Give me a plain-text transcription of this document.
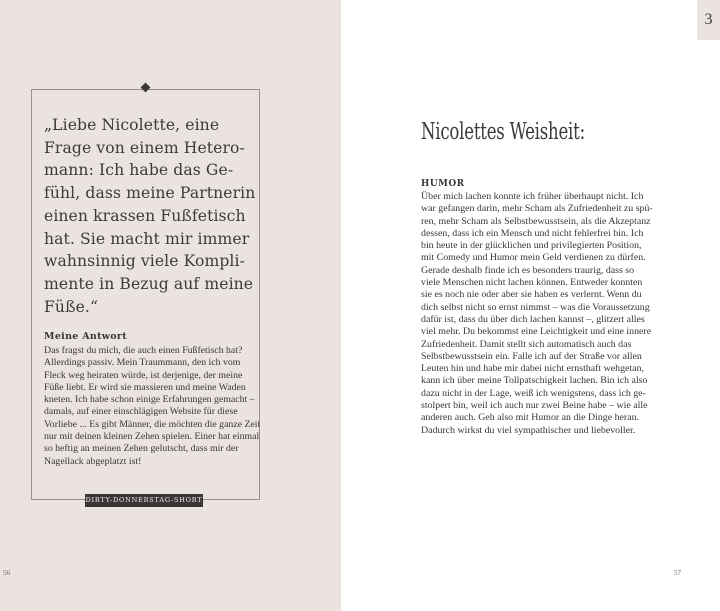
„Liebe Nicolette, eine Frage von einem Heteromann: Ich habe das Gefühl, dass meine Partnerin einen krassen Fußfetisch hat. Sie macht mir immer wahnsinnig viele Komplimente in Bezug auf meine Füße.“

Meine Antwort

Das fragst du mich, die auch einen Fußfetisch hat? Allerdings passiv. Mein Traummann, den ich vom Fleck weg heiraten würde, ist derjenige, der meine Füße liebt. Er wird sie massieren und meine Waden kneten. Ich habe schon einige Erfahrungen gemacht – damals, auf einer einschlägigen Website für diese Vorliebe ... Es gibt Männer, die möchten die ganze Zeit nur mit deinen kleinen Zehen spielen. Einer hat einmal so heftig an meinen Zehen gelutscht, dass mir der Nagellack abgeplatzt ist!

DIRTY-DONNERSTAG-SHORT
56
3
Nicolettes Weisheit:

HUMOR

Über mich lachen konnte ich früher überhaupt nicht. Ich war gefangen darin, mehr Scham als Zufriedenheit zu spüren, mehr Scham als Selbstbewusstsein, als die Akzeptanz dessen, dass ich ein Mensch und nicht fehlerfrei bin. Ich bin heute in der glücklichen und privilegierten Position, mit Comedy und Humor mein Geld verdienen zu dürfen. Gerade deshalb finde ich es besonders traurig, dass so viele Menschen nicht lachen können. Entweder konnten sie es noch nie oder aber sie haben es verlernt. Wenn du dich selbst nicht so ernst nimmst – was die Voraussetzung dafür ist, dass du über dich lachen kannst –, glitzert alles viel mehr. Du bekommst eine Leichtigkeit und eine innere Zufriedenheit. Damit stellt sich automatisch auch das Selbstbewusstsein ein. Falle ich auf der Straße vor allen Leuten hin und habe mir dabei nicht ernsthaft wehgetan, kann ich über meine Tollpatschigkeit lachen. Bin ich also dazu nicht in der Lage, weiß ich wenigstens, dass ich gestolpert bin, weil ich auch nur zwei Beine habe – wie alle anderen auch. Geh also mit Humor an die Dinge heran. Dadurch wirkst du viel sympathischer und liebevoller.

57
